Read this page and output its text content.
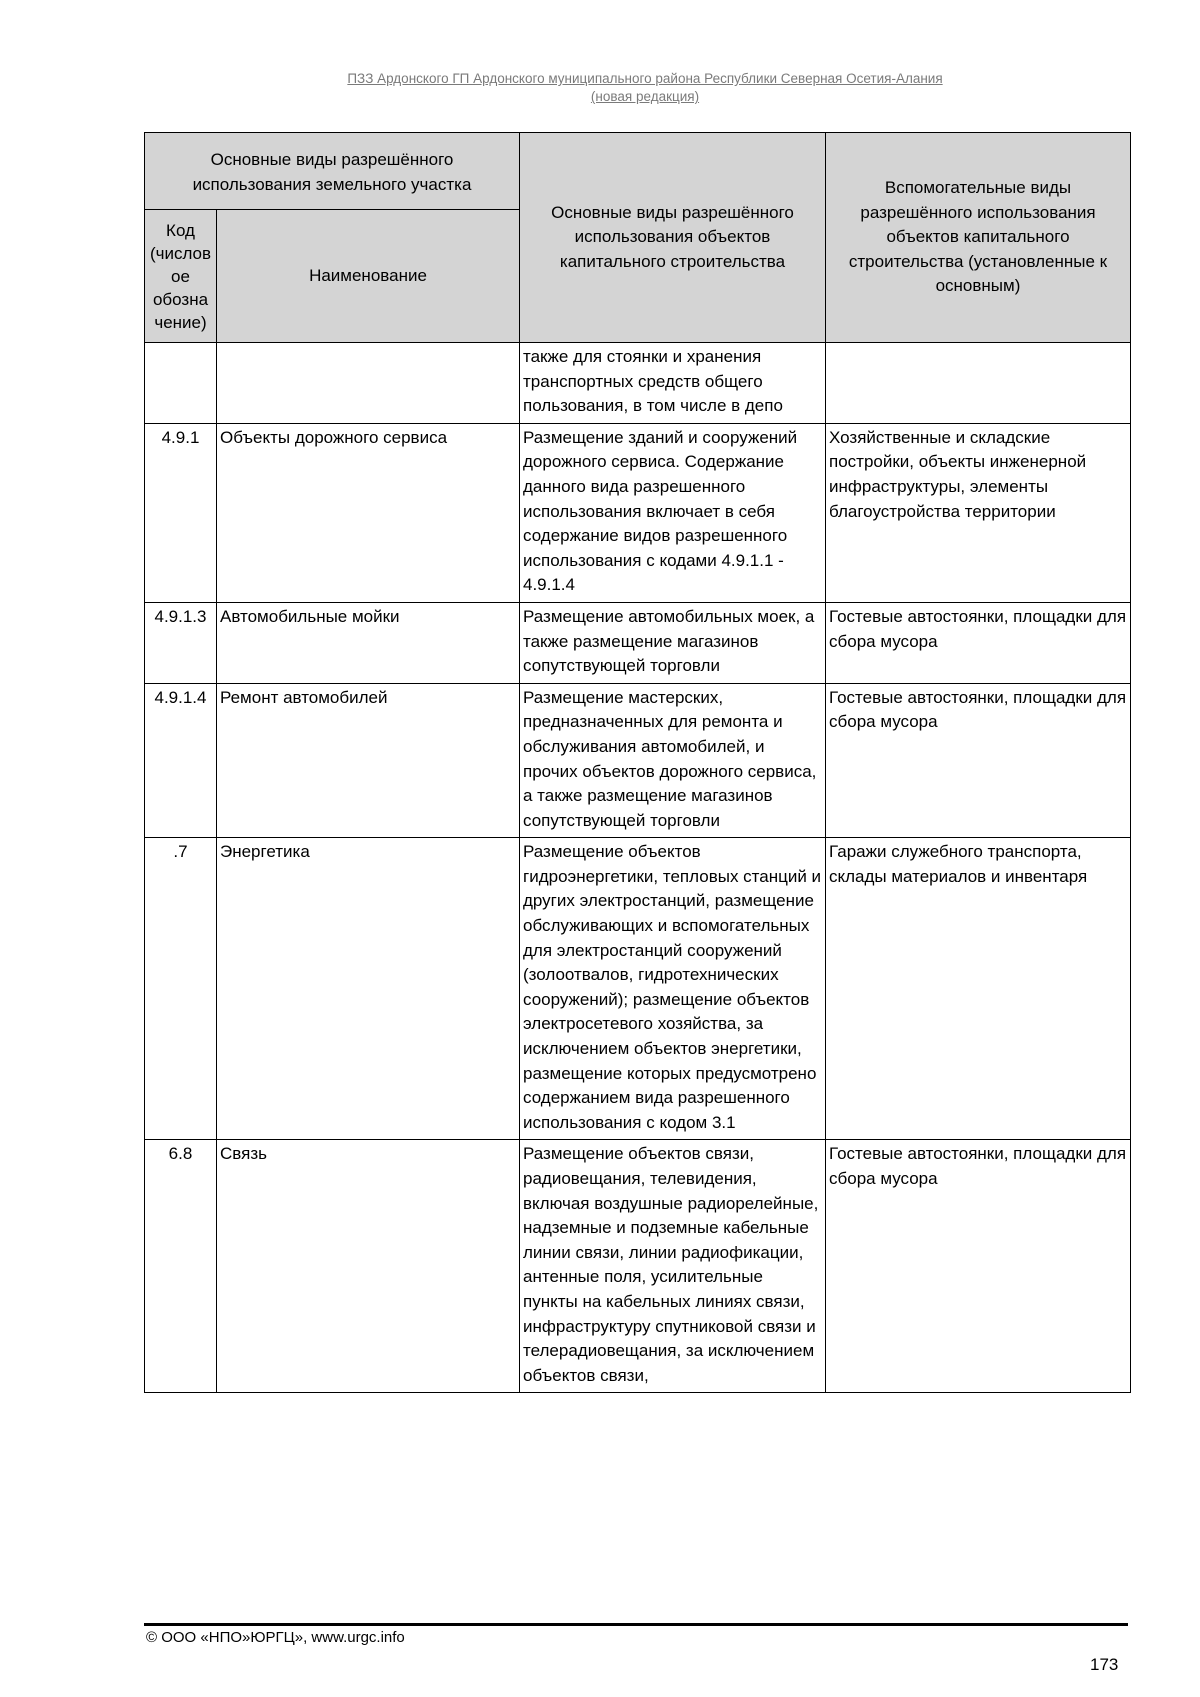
ПЗЗ Ардонского ГП Ардонского муниципального района Республики Северная Осетия-Алания
(новая редакция)
Основные виды разрешённого использования земельного участка		Основные виды разрешённого использования объектов капитального строительства	Вспомогательные виды разрешённого использования объектов капитального строительства (установленные к основным)
Код (числов ое обозна чение)	Наименование		
		также для стоянки и хранения транспортных средств общего пользования, в том числе в депо	
4.9.1	Объекты дорожного сервиса	Размещение зданий и сооружений дорожного сервиса. Содержание данного вида разрешенного использования включает в себя содержание видов разрешенного использования с кодами 4.9.1.1 - 4.9.1.4	Хозяйственные и складские постройки, объекты инженерной инфраструктуры, элементы благоустройства территории
4.9.1.3	Автомобильные мойки	Размещение автомобильных моек, а также размещение магазинов сопутствующей торговли	Гостевые автостоянки, площадки для сбора мусора
4.9.1.4	Ремонт автомобилей	Размещение мастерских, предназначенных для ремонта и обслуживания автомобилей, и прочих объектов дорожного сервиса, а также размещение магазинов сопутствующей торговли	Гостевые автостоянки, площадки для сбора мусора
.7	Энергетика	Размещение объектов гидроэнергетики, тепловых станций и других электростанций, размещение обслуживающих и вспомогательных для электростанций сооружений (золоотвалов, гидротехнических сооружений); размещение объектов электросетевого хозяйства, за исключением объектов энергетики, размещение которых предусмотрено содержанием вида разрешенного использования с кодом 3.1	Гаражи служебного транспорта, склады материалов и инвентаря
6.8	Связь	Размещение объектов связи, радиовещания, телевидения, включая воздушные радиорелейные, надземные и подземные кабельные линии связи, линии радиофикации, антенные поля, усилительные пункты на кабельных линиях связи, инфраструктуру спутниковой связи и телерадиовещания, за исключением объектов связи,	Гостевые автостоянки, площадки для сбора мусора
© ООО «НПО»ЮРГЦ», www.urgc.info
173
